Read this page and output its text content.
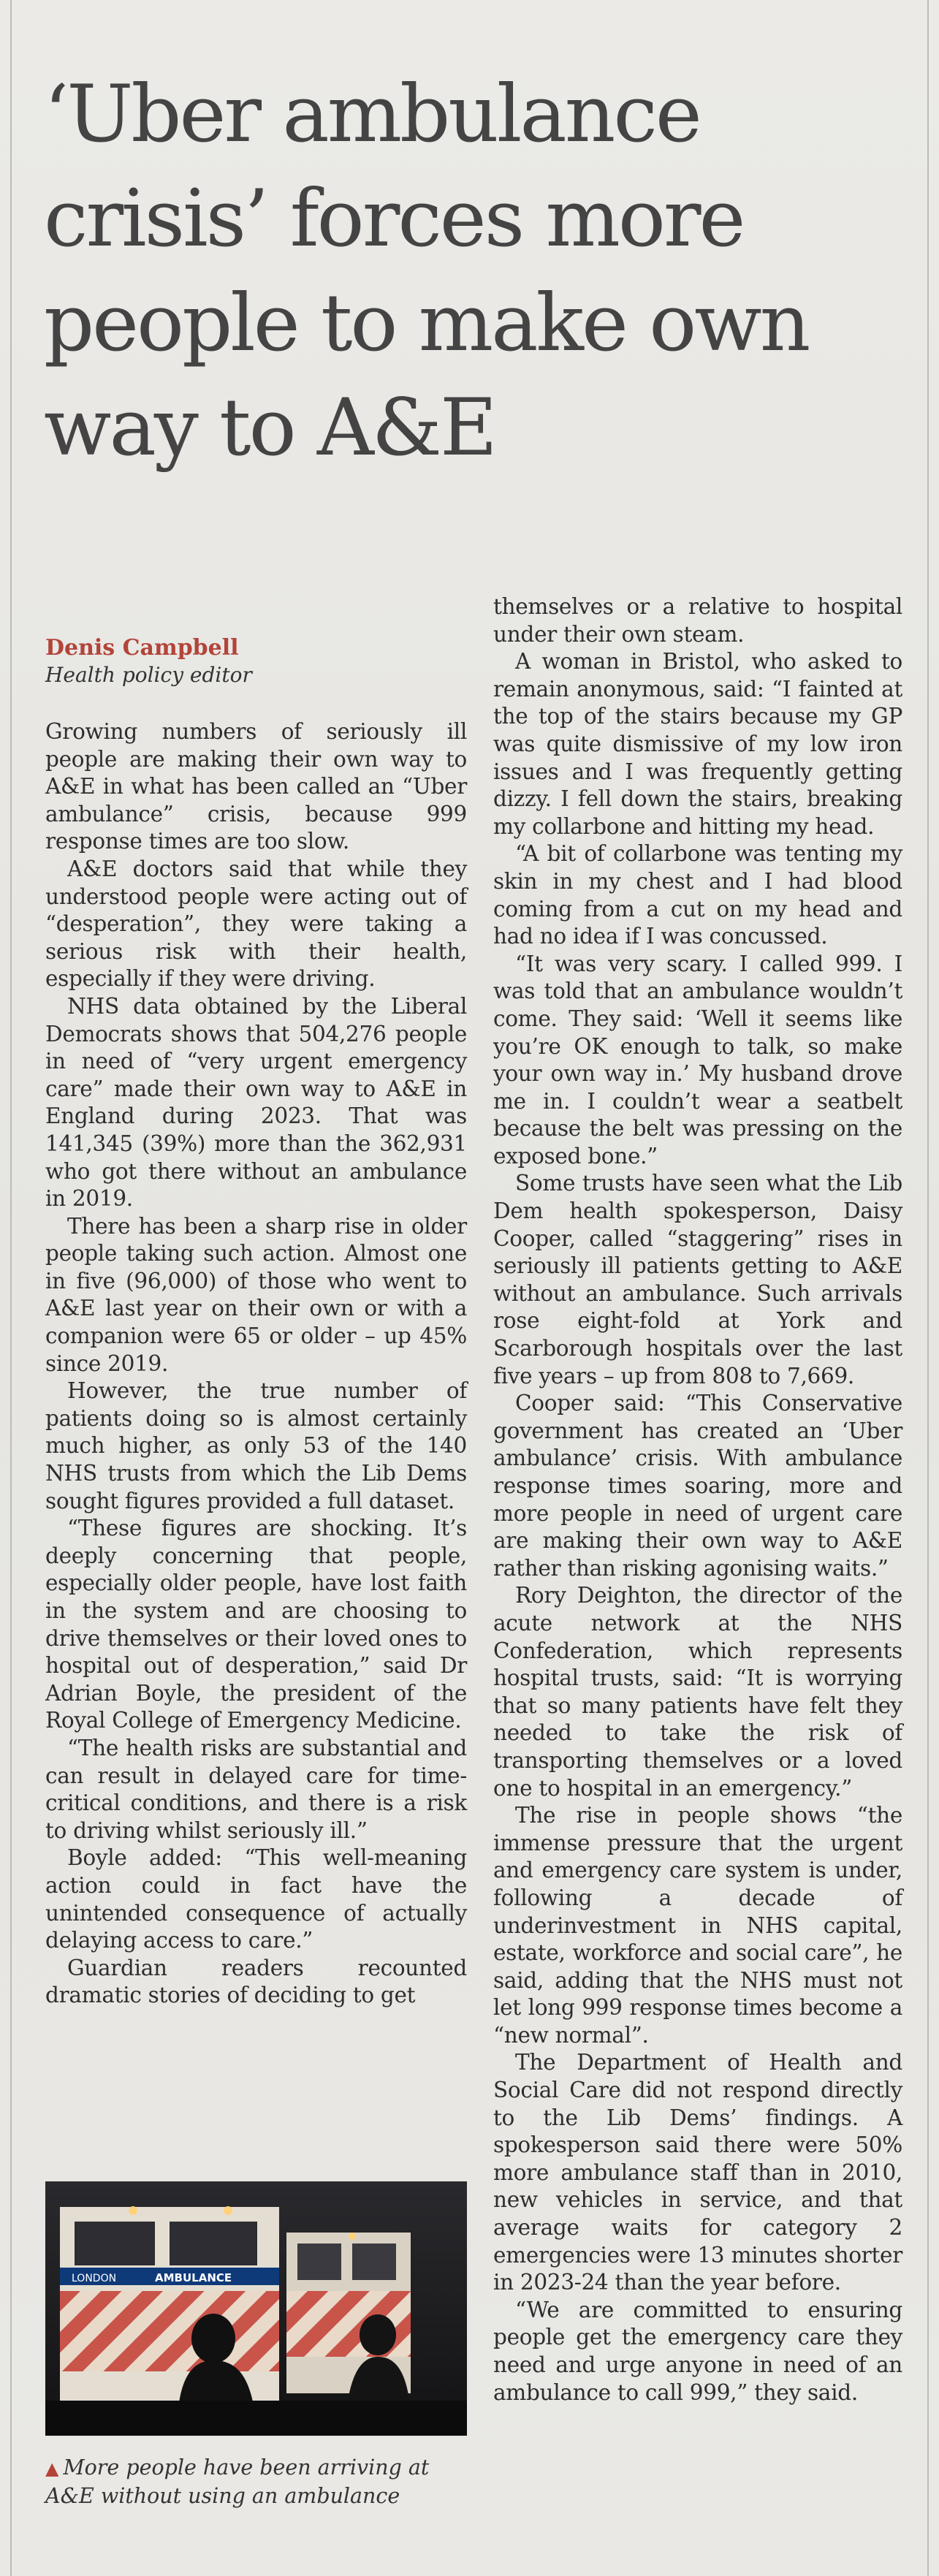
‘Uber ambulance crisis’ forces more people to make own way to A&E

Denis Campbell

Health policy editor

Growing numbers of seriously ill people are making their own way to A&E in what has been called an “Uber ambulance” crisis, because 999 response times are too slow.

A&E doctors said that while they understood people were acting out of “desperation”, they were taking a serious risk with their health, especially if they were driving.

NHS data obtained by the Liberal Democrats shows that 504,276 people in need of “very urgent emergency care” made their own way to A&E in England during 2023. That was 141,345 (39%) more than the 362,931 who got there without an ambulance in 2019.

There has been a sharp rise in older people taking such action. Almost one in five (96,000) of those who went to A&E last year on their own or with a companion were 65 or older – up 45% since 2019.

However, the true number of patients doing so is almost certainly much higher, as only 53 of the 140 NHS trusts from which the Lib Dems sought figures provided a full dataset.

“These figures are shocking. It’s deeply concerning that people, especially older people, have lost faith in the system and are choosing to drive themselves or their loved ones to hospital out of desperation,” said Dr Adrian Boyle, the president of the Royal College of Emergency Medicine.

“The health risks are substantial and can result in delayed care for time-critical conditions, and there is a risk to driving whilst seriously ill.”

Boyle added: “This well-meaning action could in fact have the unintended consequence of actually delaying access to care.”

Guardian readers recounted dramatic stories of deciding to get

LONDON	AMBULANCE
▲ More people have been arriving at A&E without using an ambulance

themselves or a relative to hospital under their own steam.

A woman in Bristol, who asked to remain anonymous, said: “I fainted at the top of the stairs because my GP was quite dismissive of my low iron issues and I was frequently getting dizzy. I fell down the stairs, breaking my collarbone and hitting my head.

“A bit of collarbone was tenting my skin in my chest and I had blood coming from a cut on my head and had no idea if I was concussed.

“It was very scary. I called 999. I was told that an ambulance wouldn’t come. They said: ‘Well it seems like you’re OK enough to talk, so make your own way in.’ My husband drove me in. I couldn’t wear a seatbelt because the belt was pressing on the exposed bone.”

Some trusts have seen what the Lib Dem health spokesperson, Daisy Cooper, called “staggering” rises in seriously ill patients getting to A&E without an ambulance. Such arrivals rose eight-fold at York and Scarborough hospitals over the last five years – up from 808 to 7,669.

Cooper said: “This Conservative government has created an ‘Uber ambulance’ crisis. With ambulance response times soaring, more and more people in need of urgent care are making their own way to A&E rather than risking agonising waits.”

Rory Deighton, the director of the acute network at the NHS Confederation, which represents hospital trusts, said: “It is worrying that so many patients have felt they needed to take the risk of transporting themselves or a loved one to hospital in an emergency.”

The rise in people shows “the immense pressure that the urgent and emergency care system is under, following a decade of underinvestment in NHS capital, estate, workforce and social care”, he said, adding that the NHS must not let long 999 response times become a “new normal”.

The Department of Health and Social Care did not respond directly to the Lib Dems’ findings. A spokesperson said there were 50% more ambulance staff than in 2010, new vehicles in service, and that average waits for category 2 emergencies were 13 minutes shorter in 2023-24 than the year before.

“We are committed to ensuring people get the emergency care they need and urge anyone in need of an ambulance to call 999,” they said.
